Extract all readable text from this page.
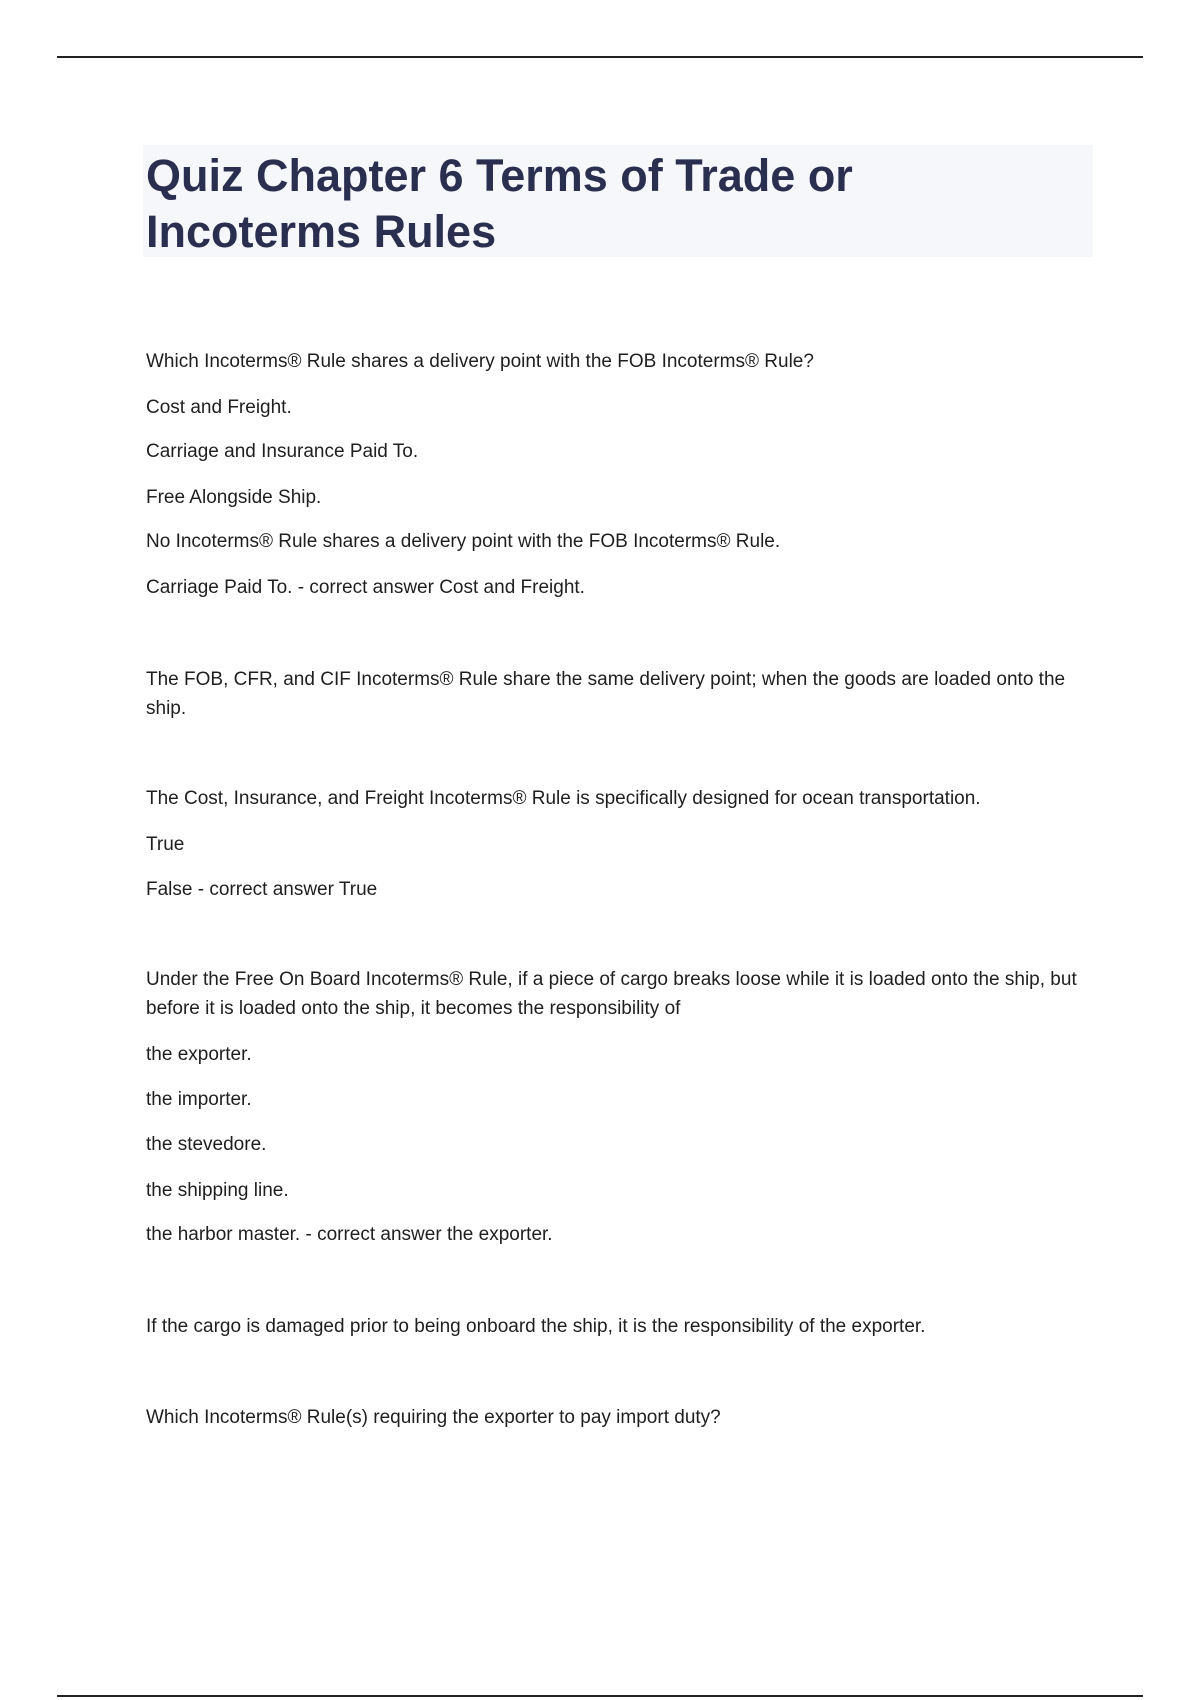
Quiz Chapter 6 Terms of Trade or Incoterms Rules
Which Incoterms® Rule shares a delivery point with the FOB Incoterms® Rule?
Cost and Freight.
Carriage and Insurance Paid To.
Free Alongside Ship.
No Incoterms® Rule shares a delivery point with the FOB Incoterms® Rule.
Carriage Paid To. - correct answer Cost and Freight.
The FOB, CFR, and CIF Incoterms® Rule share the same delivery point; when the goods are loaded onto the ship.
The Cost, Insurance, and Freight Incoterms® Rule is specifically designed for ocean transportation.
True
False - correct answer True
Under the Free On Board Incoterms® Rule, if a piece of cargo breaks loose while it is loaded onto the ship, but before it is loaded onto the ship, it becomes the responsibility of
the exporter.
the importer.
the stevedore.
the shipping line.
the harbor master. - correct answer the exporter.
If the cargo is damaged prior to being onboard the ship, it is the responsibility of the exporter.
Which Incoterms® Rule(s) requiring the exporter to pay import duty?
